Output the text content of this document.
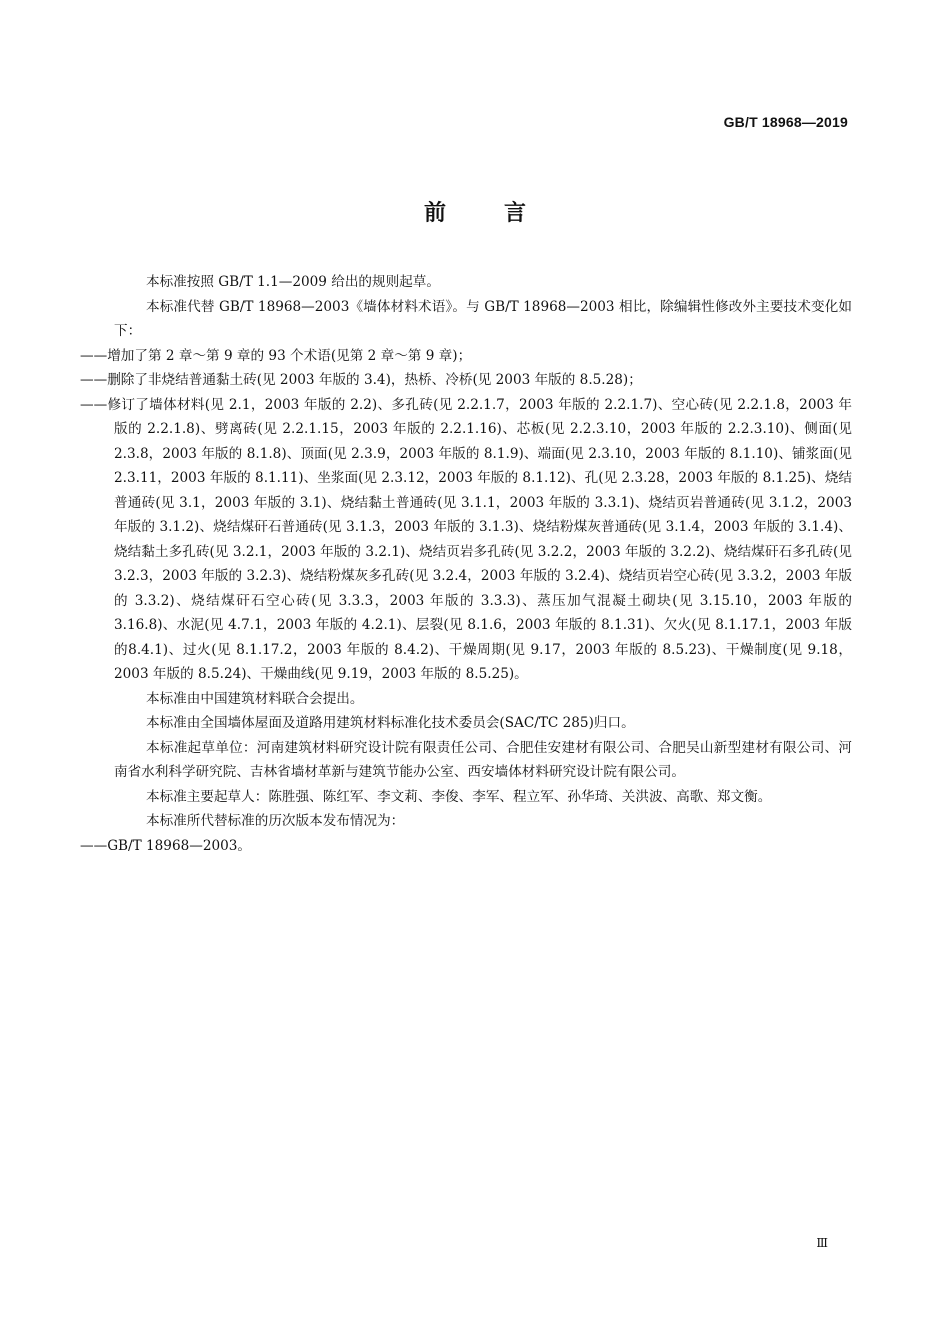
GB/T 18968—2019
前言

本标准按照 GB/T 1.1—2009 给出的规则起草。

本标准代替 GB/T 18968—2003《墙体材料术语》。与 GB/T 18968—2003 相比，除编辑性修改外主要技术变化如下：

——增加了第 2 章～第 9 章的 93 个术语(见第 2 章～第 9 章)；

——删除了非烧结普通黏土砖(见 2003 年版的 3.4)，热桥、冷桥(见 2003 年版的 8.5.28)；

——修订了墙体材料(见 2.1，2003 年版的 2.2)、多孔砖(见 2.2.1.7，2003 年版的 2.2.1.7)、空心砖(见 2.2.1.8，2003 年版的 2.2.1.8)、劈离砖(见 2.2.1.15，2003 年版的 2.2.1.16)、芯板(见 2.2.3.10，2003 年版的 2.2.3.10)、侧面(见 2.3.8，2003 年版的 8.1.8)、顶面(见 2.3.9，2003 年版的 8.1.9)、端面(见 2.3.10，2003 年版的 8.1.10)、铺浆面(见 2.3.11，2003 年版的 8.1.11)、坐浆面(见 2.3.12，2003 年版的 8.1.12)、孔(见 2.3.28，2003 年版的 8.1.25)、烧结普通砖(见 3.1，2003 年版的 3.1)、烧结黏土普通砖(见 3.1.1，2003 年版的 3.3.1)、烧结页岩普通砖(见 3.1.2，2003 年版的 3.1.2)、烧结煤矸石普通砖(见 3.1.3，2003 年版的 3.1.3)、烧结粉煤灰普通砖(见 3.1.4，2003 年版的 3.1.4)、烧结黏土多孔砖(见 3.2.1，2003 年版的 3.2.1)、烧结页岩多孔砖(见 3.2.2，2003 年版的 3.2.2)、烧结煤矸石多孔砖(见 3.2.3，2003 年版的 3.2.3)、烧结粉煤灰多孔砖(见 3.2.4，2003 年版的 3.2.4)、烧结页岩空心砖(见 3.3.2，2003 年版的 3.3.2)、烧结煤矸石空心砖(见 3.3.3，2003 年版的 3.3.3)、蒸压加气混凝土砌块(见 3.15.10，2003 年版的 3.16.8)、水泥(见 4.7.1，2003 年版的 4.2.1)、层裂(见 8.1.6，2003 年版的 8.1.31)、欠火(见 8.1.17.1，2003 年版的8.4.1)、过火(见 8.1.17.2，2003 年版的 8.4.2)、干燥周期(见 9.17，2003 年版的 8.5.23)、干燥制度(见 9.18，2003 年版的 8.5.24)、干燥曲线(见 9.19，2003 年版的 8.5.25)。

本标准由中国建筑材料联合会提出。

本标准由全国墙体屋面及道路用建筑材料标准化技术委员会(SAC/TC 285)归口。

本标准起草单位：河南建筑材料研究设计院有限责任公司、合肥佳安建材有限公司、合肥吴山新型建材有限公司、河南省水利科学研究院、吉林省墙材革新与建筑节能办公室、西安墙体材料研究设计院有限公司。

本标准主要起草人：陈胜强、陈红军、李文莉、李俊、李军、程立军、孙华琦、关洪波、高歌、郑文衡。

本标准所代替标准的历次版本发布情况为：

——GB/T 18968—2003。

Ⅲ
